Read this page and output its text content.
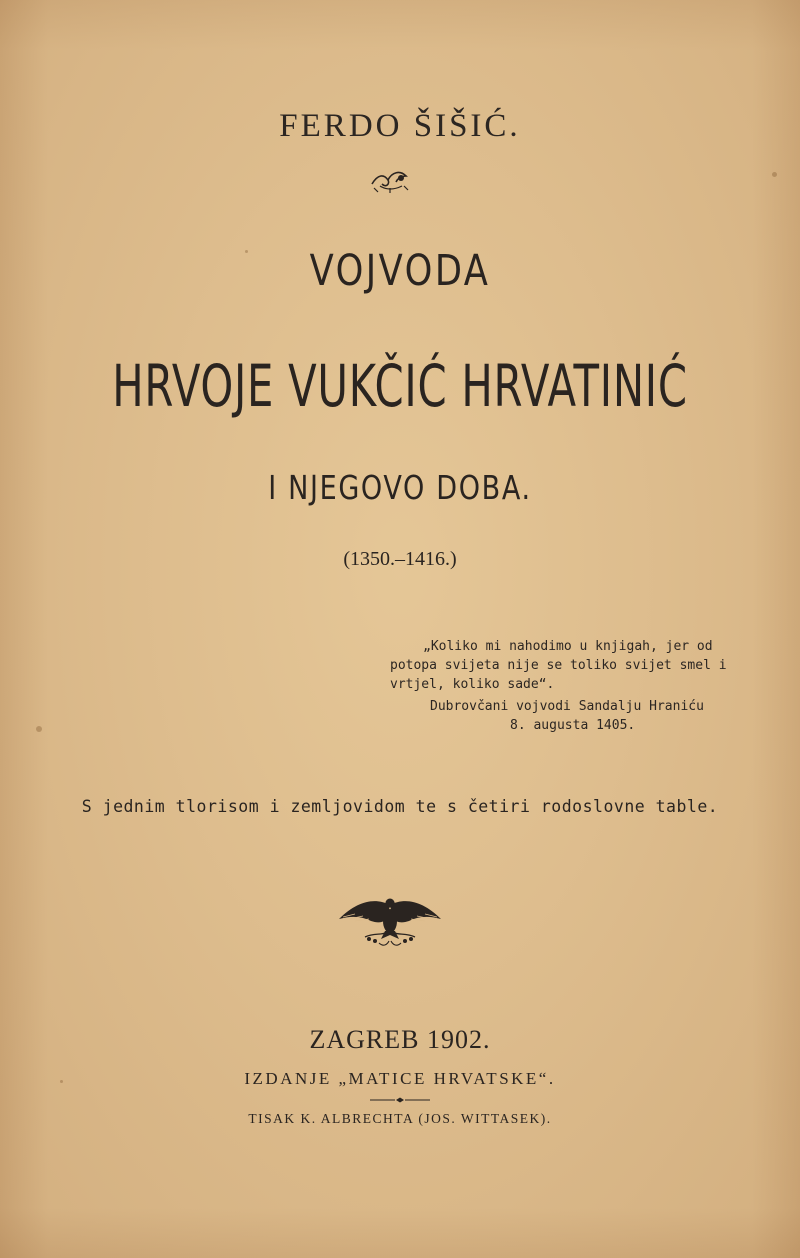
FERDO ŠIŠIĆ.
VOJVODA
HRVOJE VUKČIĆ HRVATINIĆ
I NJEGOVO DOBA.
(1350.–1416.)
„Koliko mi nahodimo u knjigah, jer od
potopa svijeta nije se toliko svijet smel i
vrtjel, koliko sade“.
Dubrovčani vojvodi Sandalju Hraniću
8. augusta 1405.
S jednim tlorisom i zemljovidom te s četiri rodoslovne table.
ZAGREB 1902.
IZDANJE „MATICE HRVATSKE“.
TISAK K. ALBRECHTA (JOS. WITTASEK).
